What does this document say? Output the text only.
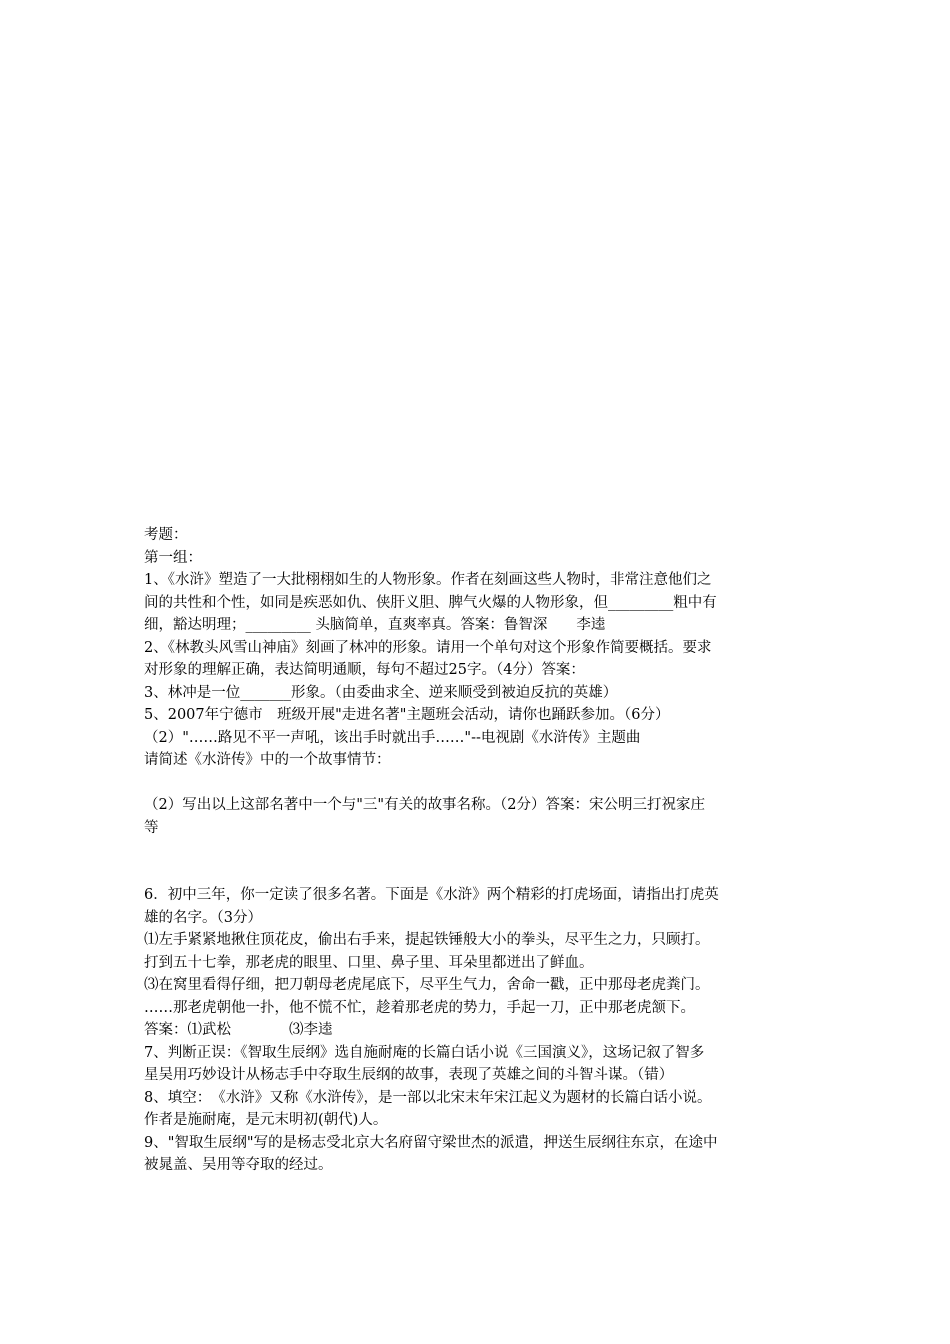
考题：
第一组：
1、《水浒》塑造了一大批栩栩如生的人物形象。作者在刻画这些人物时，非常注意他们之
间的共性和个性，如同是疾恶如仇、侠肝义胆、脾气火爆的人物形象，但_________粗中有
细，豁达明理；_________ 头脑简单，直爽率真。答案：鲁智深　　李逵
2、《林教头风雪山神庙》刻画了林冲的形象。请用一个单句对这个形象作简要概括。要求
对形象的理解正确，表达简明通顺，每句不超过25字。（4分）答案：
3、林冲是一位_______形象。（由委曲求全、逆来顺受到被迫反抗的英雄）
5、2007年宁德市　班级开展"走进名著"主题班会活动，请你也踊跃参加。（6分）
（2）"……路见不平一声吼，该出手时就出手……"--电视剧《水浒传》主题曲
请简述《水浒传》中的一个故事情节：
（2）写出以上这部名著中一个与"三"有关的故事名称。（2分）答案：宋公明三打祝家庄
等
6．初中三年，你一定读了很多名著。下面是《水浒》两个精彩的打虎场面，请指出打虎英
雄的名字。（3分）
⑴左手紧紧地揪住顶花皮，偷出右手来，提起铁锤般大小的拳头，尽平生之力，只顾打。
打到五十七拳，那老虎的眼里、口里、鼻子里、耳朵里都迸出了鲜血。
⑶在窝里看得仔细，把刀朝母老虎尾底下，尽平生气力，舍命一戳，正中那母老虎粪门。
……那老虎朝他一扑，他不慌不忙，趁着那老虎的势力，手起一刀，正中那老虎颔下。
答案：⑴武松　　　　⑶李逵
7、判断正误：《智取生辰纲》选自施耐庵的长篇白话小说《三国演义》，这场记叙了智多
星吴用巧妙设计从杨志手中夺取生辰纲的故事，表现了英雄之间的斗智斗谋。（错）
8、填空：　《水浒》又称《水浒传》，是一部以北宋末年宋江起义为题材的长篇白话小说。
作者是施耐庵，是元末明初(朝代)人。
9、"智取生辰纲"写的是杨志受北京大名府留守梁世杰的派遣，押送生辰纲往东京，在途中
被晁盖、吴用等夺取的经过。
